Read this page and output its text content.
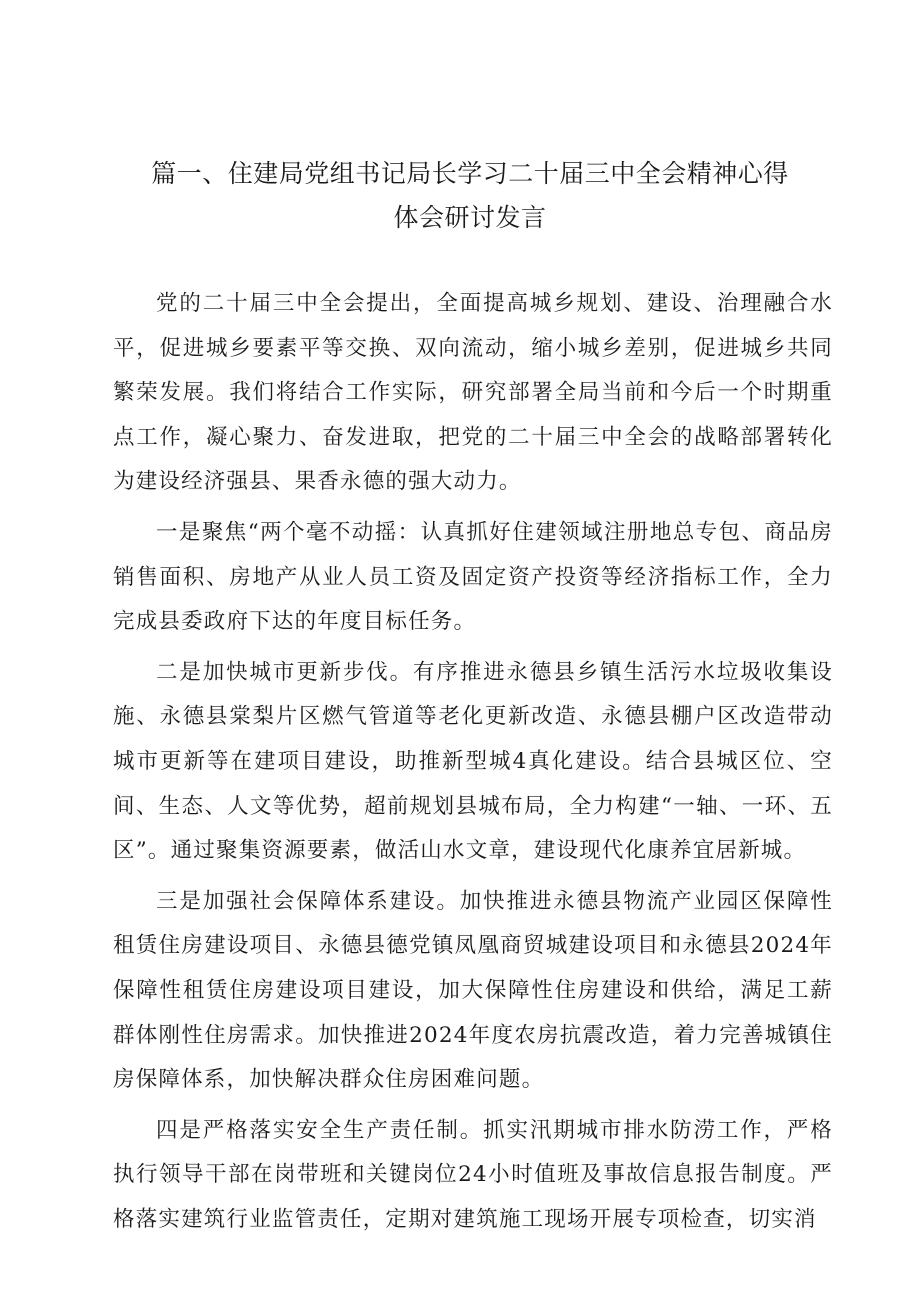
篇一、住建局党组书记局长学习二十届三中全会精神心得
体会研讨发言

党的二十届三中全会提出，全面提高城乡规划、建设、治理融合水平，促进城乡要素平等交换、双向流动，缩小城乡差别，促进城乡共同繁荣发展。我们将结合工作实际，研究部署全局当前和今后一个时期重点工作，凝心聚力、奋发进取，把党的二十届三中全会的战略部署转化为建设经济强县、果香永德的强大动力。

一是聚焦“两个毫不动摇：认真抓好住建领域注册地总专包、商品房销售面积、房地产从业人员工资及固定资产投资等经济指标工作，全力完成县委政府下达的年度目标任务。

二是加快城市更新步伐。有序推进永德县乡镇生活污水垃圾收集设施、永德县棠梨片区燃气管道等老化更新改造、永德县棚户区改造带动城市更新等在建项目建设，助推新型城4真化建设。结合县城区位、空间、生态、人文等优势，超前规划县城布局，全力构建“一轴、一环、五区”。通过聚集资源要素，做活山水文章，建设现代化康养宜居新城。

三是加强社会保障体系建设。加快推进永德县物流产业园区保障性租赁住房建设项目、永德县德党镇凤凰商贸城建设项目和永德县2024年保障性租赁住房建设项目建设，加大保障性住房建设和供给，满足工薪群体刚性住房需求。加快推进2024年度农房抗震改造，着力完善城镇住房保障体系，加快解决群众住房困难问题。

四是严格落实安全生产责任制。抓实汛期城市排水防涝工作，严格执行领导干部在岗带班和关键岗位24小时值班及事故信息报告制度。严格落实建筑行业监管责任，定期对建筑施工现场开展专项检查，切实消
